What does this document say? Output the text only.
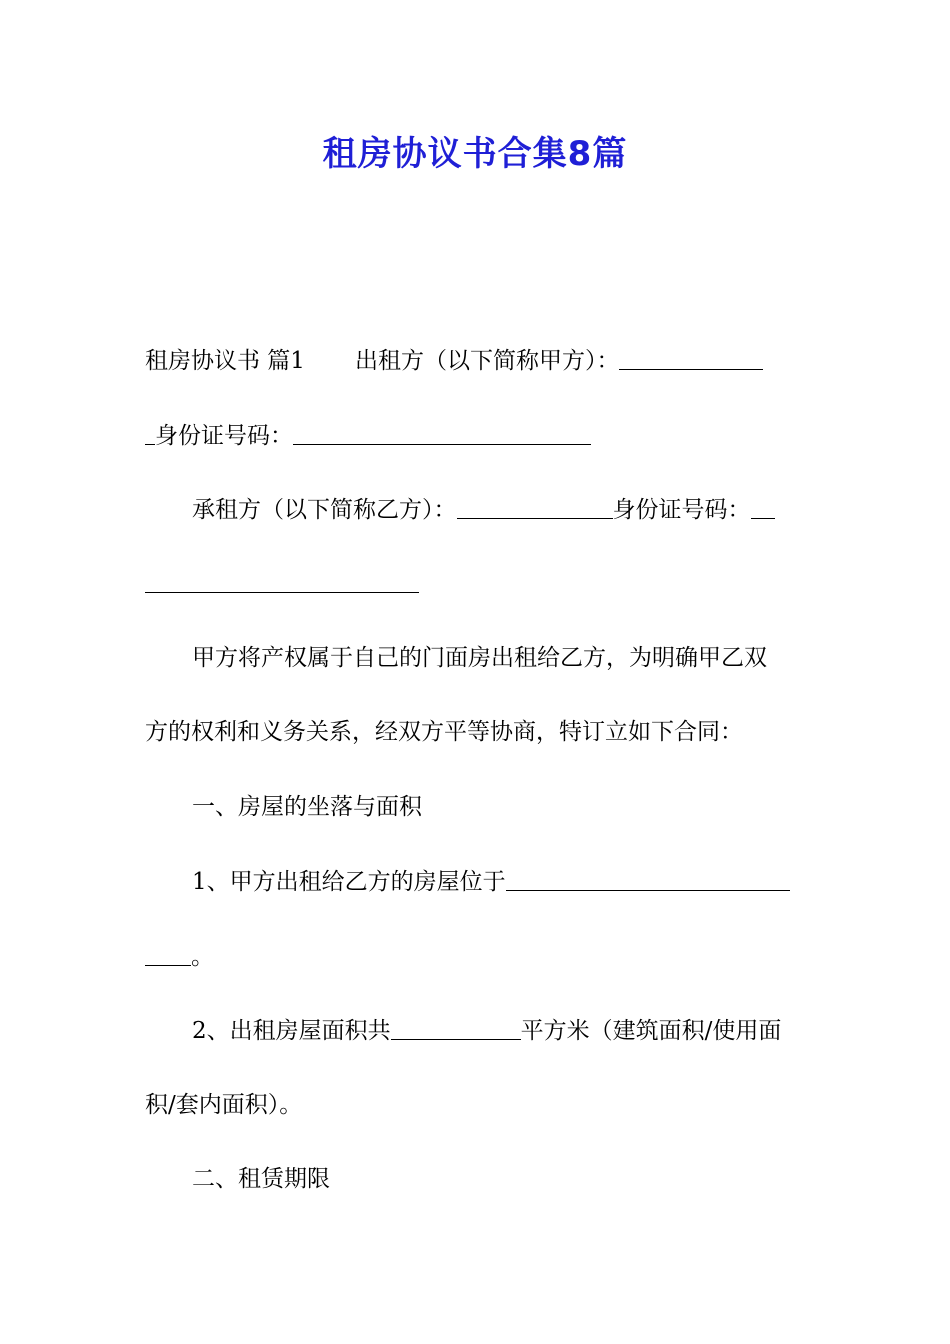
租房协议书合集8篇
租房协议书 篇1 出租方（以下简称甲方）：
身份证号码：
承租方（以下简称乙方）：	身份证号码：
甲方将产权属于自己的门面房出租给乙方，为明确甲乙双
方的权利和义务关系，经双方平等协商，特订立如下合同：
一、房屋的坐落与面积
1、甲方出租给乙方的房屋位于
。
2、出租房屋面积共	平方米（建筑面积/使用面
积/套内面积）。
二、租赁期限
